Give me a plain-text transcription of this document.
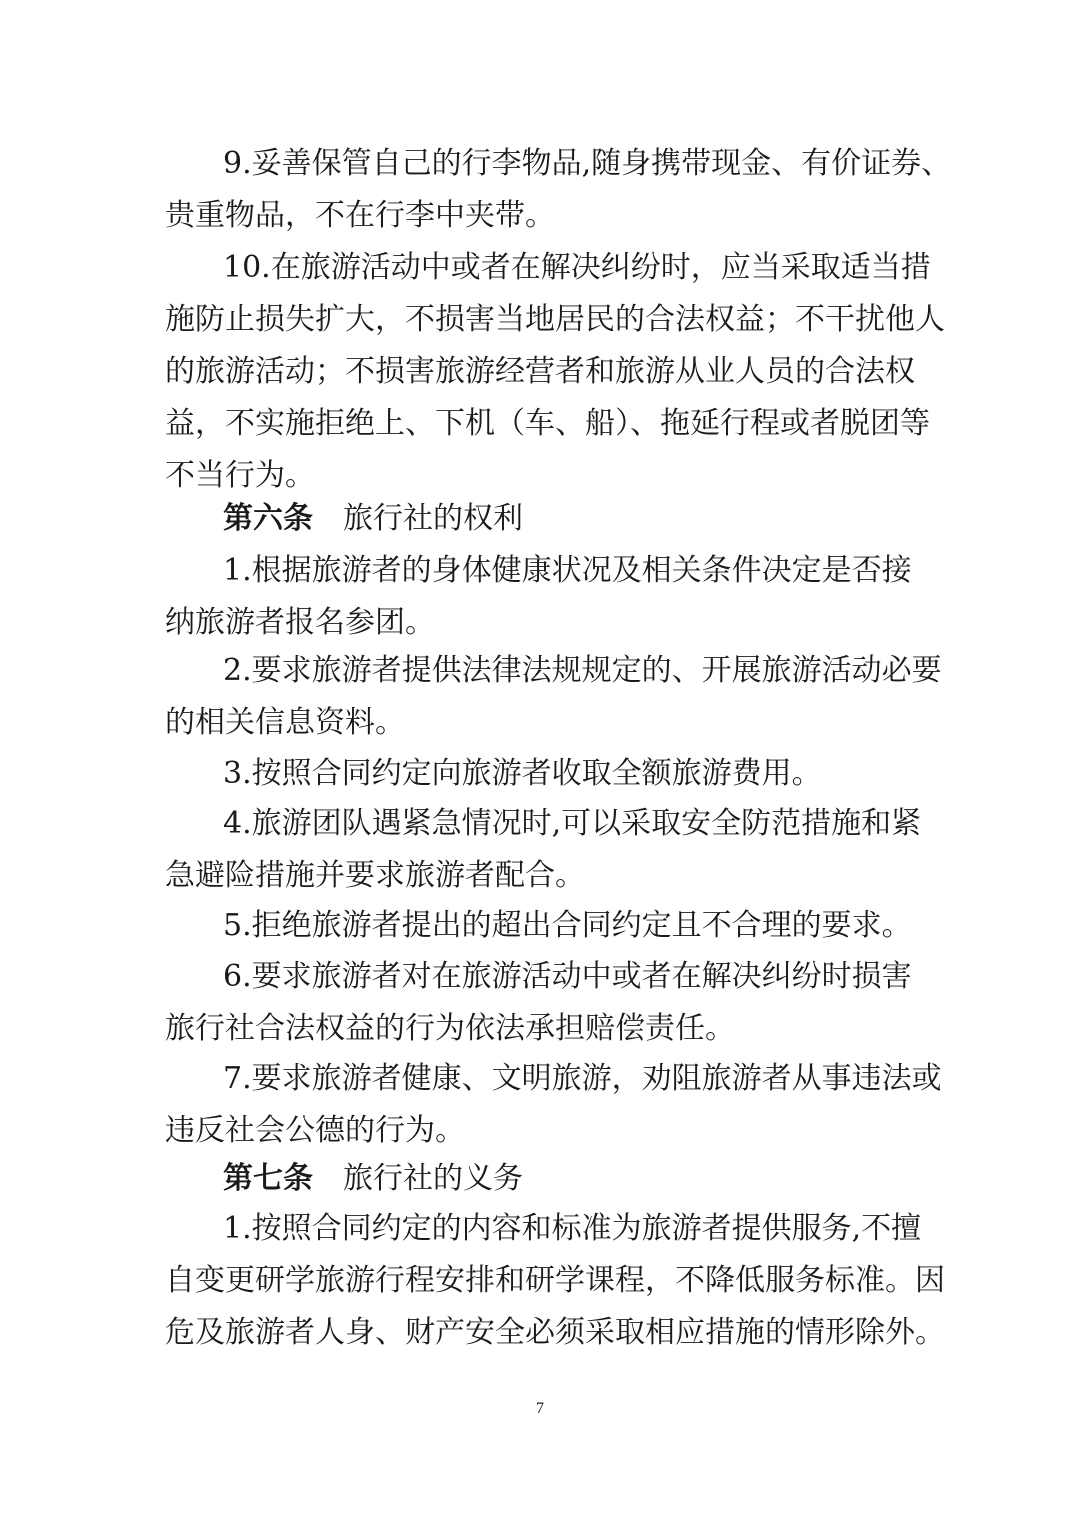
9.妥善保管自己的行李物品,随身携带现金、有价证券、
贵重物品，不在行李中夹带。
10.在旅游活动中或者在解决纠纷时，应当采取适当措
施防止损失扩大，不损害当地居民的合法权益；不干扰他人
的旅游活动；不损害旅游经营者和旅游从业人员的合法权
益，不实施拒绝上、下机（车、船）、拖延行程或者脱团等
不当行为。
第六条 旅行社的权利
1.根据旅游者的身体健康状况及相关条件决定是否接
纳旅游者报名参团。
2.要求旅游者提供法律法规规定的、开展旅游活动必要
的相关信息资料。
3.按照合同约定向旅游者收取全额旅游费用。
4.旅游团队遇紧急情况时,可以采取安全防范措施和紧
急避险措施并要求旅游者配合。
5.拒绝旅游者提出的超出合同约定且不合理的要求。
6.要求旅游者对在旅游活动中或者在解决纠纷时损害
旅行社合法权益的行为依法承担赔偿责任。
7.要求旅游者健康、文明旅游，劝阻旅游者从事违法或
违反社会公德的行为。
第七条 旅行社的义务
1.按照合同约定的内容和标准为旅游者提供服务,不擅
自变更研学旅游行程安排和研学课程，不降低服务标准。因
危及旅游者人身、财产安全必须采取相应措施的情形除外。
7
